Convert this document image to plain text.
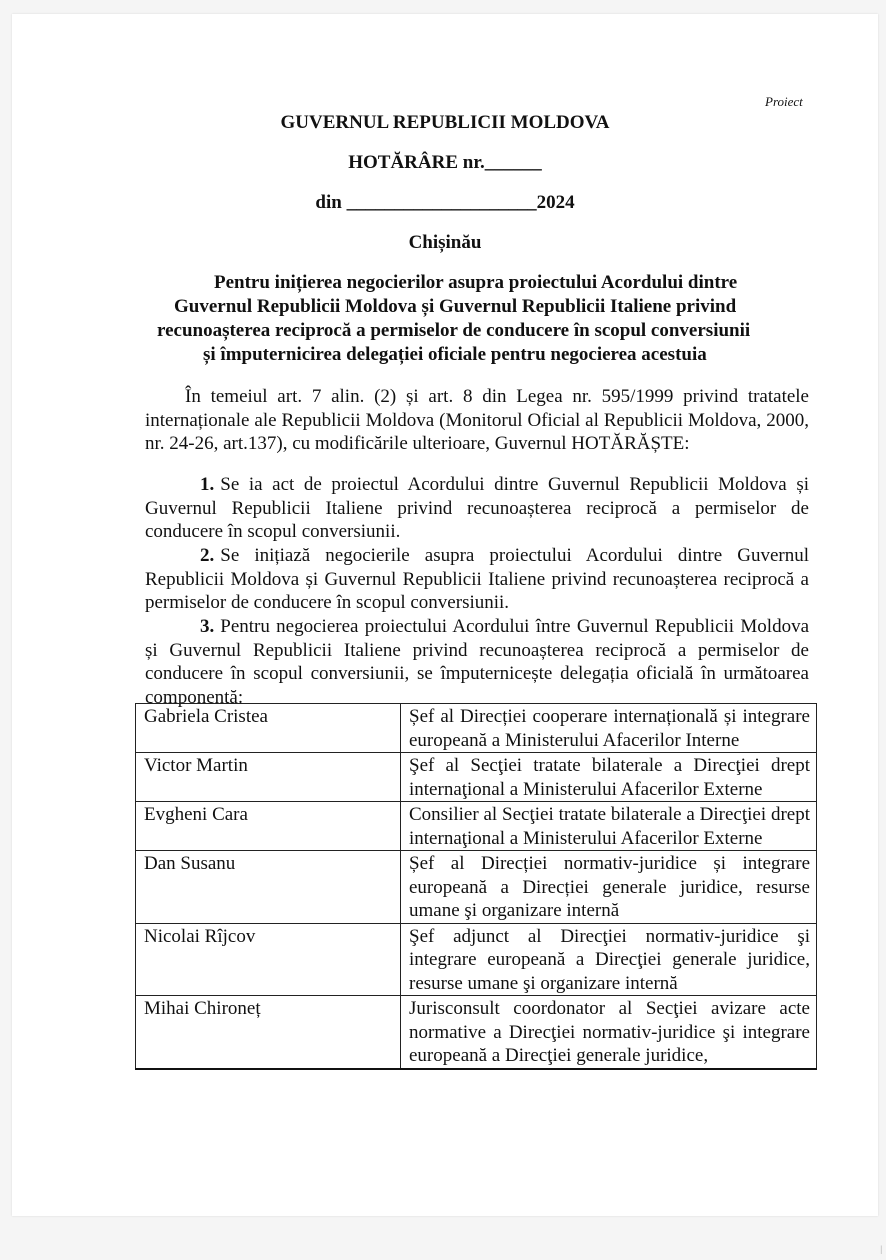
Proiect
GUVERNUL REPUBLICII MOLDOVA
HOTĂRÂRE nr.______
din ____________________2024
Chișinău
Pentru inițierea negocierilor asupra proiectului Acordului dintre
Guvernul Republicii Moldova și Guvernul Republicii Italiene privind
recunoașterea reciprocă a permiselor de conducere în scopul conversiunii
și împuternicirea delegației oficiale pentru negocierea acestuia
În temeiul art. 7 alin. (2) și art. 8 din Legea nr. 595/1999 privind tratatele internaționale ale Republicii Moldova (Monitorul Oficial al Republicii Moldova, 2000, nr. 24-26, art.137), cu modificările ulterioare, Guvernul HOTĂRĂȘTE:
1. Se ia act de proiectul Acordului dintre Guvernul Republicii Moldova și Guvernul Republicii Italiene privind recunoașterea reciprocă a permiselor de conducere în scopul conversiunii.
2. Se inițiază negocierile asupra proiectului Acordului dintre Guvernul Republicii Moldova și Guvernul Republicii Italiene privind recunoașterea reciprocă a permiselor de conducere în scopul conversiunii.
3. Pentru negocierea proiectului Acordului între Guvernul Republicii Moldova și Guvernul Republicii Italiene privind recunoașterea reciprocă a permiselor de conducere în scopul conversiunii, se împuternicește delegația oficială în următoarea componentă:
Gabriela Cristea	Șef al Direcției cooperare internațională și integrare europeană a Ministerului Afacerilor Interne
Victor Martin	Şef al Secţiei tratate bilaterale a Direcţiei drept internaţional a Ministerului Afacerilor Externe
Evgheni Cara	Consilier al Secţiei tratate bilaterale a Direcţiei drept internaţional a Ministerului Afacerilor Externe
Dan Susanu	Șef al Direcției normativ-juridice și integrare europeană a Direcției generale juridice, resurse umane şi organizare internă
Nicolai Rîjcov	Şef adjunct al Direcţiei normativ-juridice şi integrare europeană a Direcţiei generale juridice, resurse umane şi organizare internă
Mihai Chironeț	Jurisconsult coordonator al Secţiei avizare acte normative a Direcţiei normativ-juridice şi integrare europeană a Direcţiei generale juridice,
|
